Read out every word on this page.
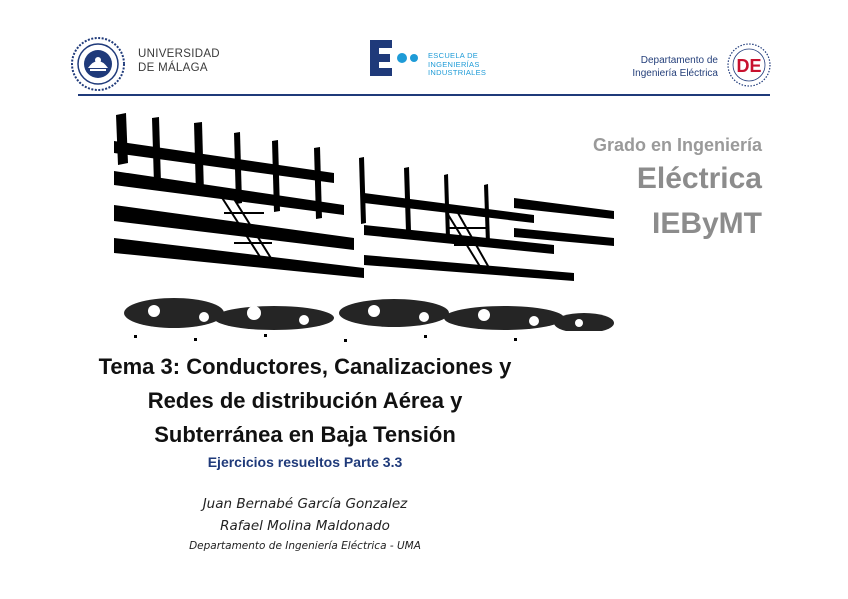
UNIVERSIDAD
DE MÁLAGA
ESCUELA DE
INGENIERÍAS
INDUSTRIALES
Departamento de
Ingeniería Eléctrica DE
Grado en Ingeniería
Eléctrica
IEByMT
Tema 3: Conductores, Canalizaciones y
Redes de distribución Aérea y
Subterránea en Baja Tensión
Ejercicios resueltos Parte 3.3
Juan Bernabé García Gonzalez
Rafael Molina Maldonado
Departamento de Ingeniería Eléctrica - UMA
